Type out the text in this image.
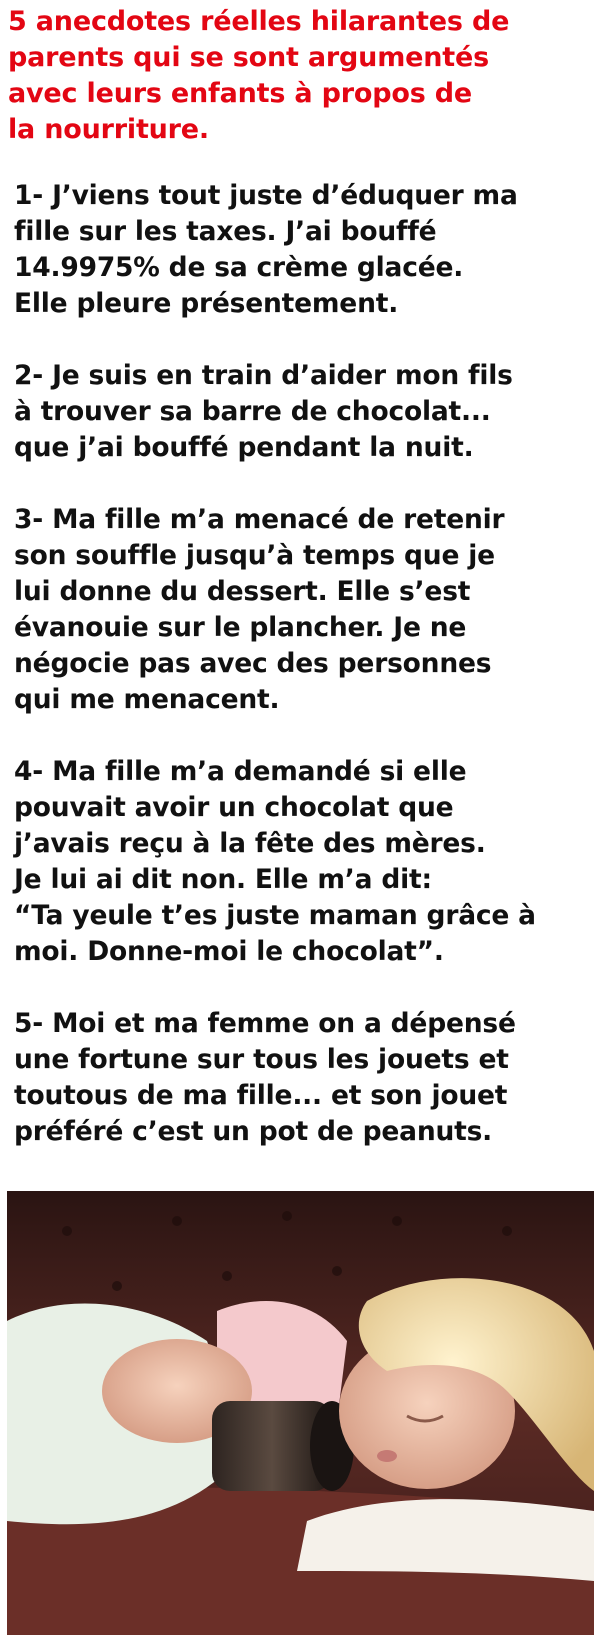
5 anecdotes réelles hilarantes de
parents qui se sont argumentés
avec leurs enfants à propos de
la nourriture.

1- J’viens tout juste d’éduquer ma
fille sur les taxes. J’ai bouffé
14.9975% de sa crème glacée.
Elle pleure présentement.

2- Je suis en train d’aider mon fils
à trouver sa barre de chocolat...
que j’ai bouffé pendant la nuit.

3- Ma fille m’a menacé de retenir
son souffle jusqu’à temps que je
lui donne du dessert. Elle s’est
évanouie sur le plancher. Je ne
négocie pas avec des personnes
qui me menacent.

4- Ma fille m’a demandé si elle
pouvait avoir un chocolat que
j’avais reçu à la fête des mères.
Je lui ai dit non. Elle m’a dit:
“Ta yeule t’es juste maman grâce à
moi. Donne-moi le chocolat”.

5- Moi et ma femme on a dépensé
une fortune sur tous les jouets et
toutous de ma fille... et son jouet
préféré c’est un pot de peanuts.
